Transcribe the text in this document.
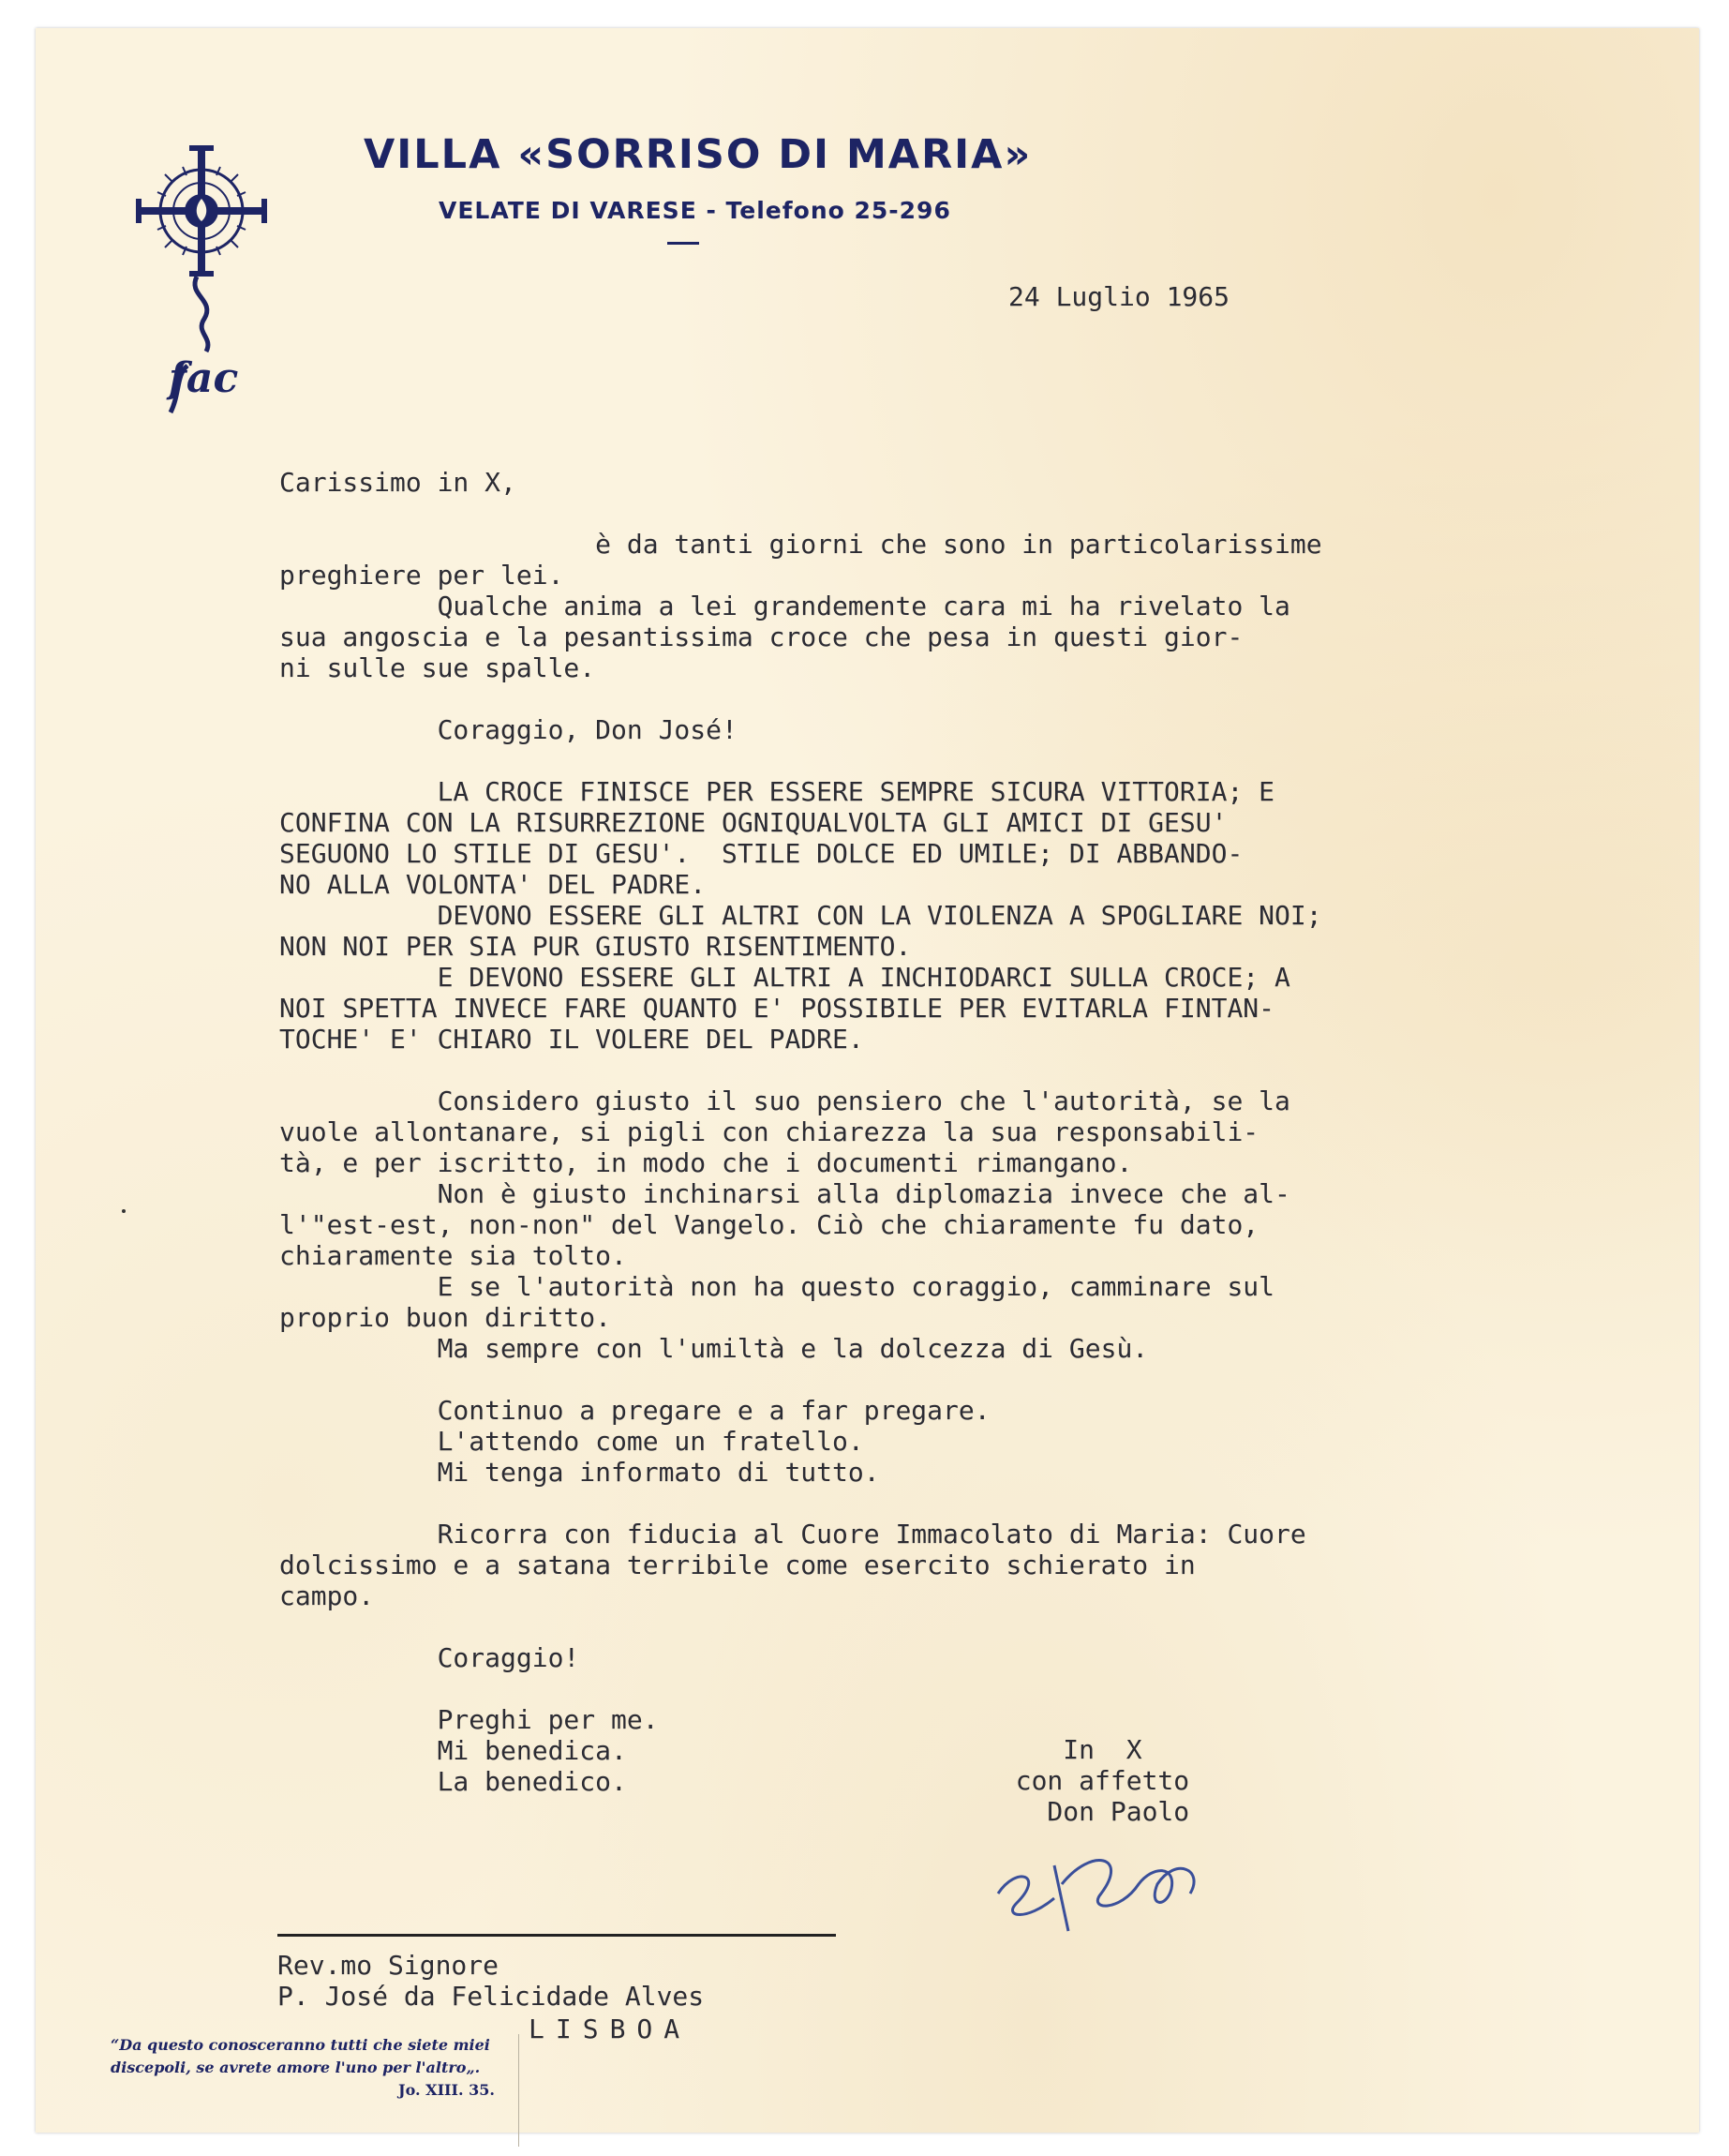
fac
VILLA «SORRISO DI MARIA»
VELATE DI VARESE - Telefono 25-296
24 Luglio 1965
Carissimo in X,

è da tanti giorni che sono in particolarissime
preghiere per lei.
Qualche anima a lei grandemente cara mi ha rivelato la
sua angoscia e la pesantissima croce che pesa in questi gior-
ni sulle sue spalle.

Coraggio, Don José!

LA CROCE FINISCE PER ESSERE SEMPRE SICURA VITTORIA; E
CONFINA CON LA RISURREZIONE OGNIQUALVOLTA GLI AMICI DI GESU'
SEGUONO LO STILE DI GESU'.  STILE DOLCE ED UMILE; DI ABBANDO-
NO ALLA VOLONTA' DEL PADRE.
DEVONO ESSERE GLI ALTRI CON LA VIOLENZA A SPOGLIARE NOI;
NON NOI PER SIA PUR GIUSTO RISENTIMENTO.
E DEVONO ESSERE GLI ALTRI A INCHIODARCI SULLA CROCE; A
NOI SPETTA INVECE FARE QUANTO E' POSSIBILE PER EVITARLA FINTAN-
TOCHE' E' CHIARO IL VOLERE DEL PADRE.

Considero giusto il suo pensiero che l'autorità, se la
vuole allontanare, si pigli con chiarezza la sua responsabili-
tà, e per iscritto, in modo che i documenti rimangano.
Non è giusto inchinarsi alla diplomazia invece che al-
l'"est-est, non-non" del Vangelo. Ciò che chiaramente fu dato,
chiaramente sia tolto.
E se l'autorità non ha questo coraggio, camminare sul
proprio buon diritto.
Ma sempre con l'umiltà e la dolcezza di Gesù.

Continuo a pregare e a far pregare.
L'attendo come un fratello.
Mi tenga informato di tutto.

Ricorra con fiducia al Cuore Immacolato di Maria: Cuore
dolcissimo e a satana terribile come esercito schierato in
campo.

Coraggio!

Preghi per me.
Mi benedica.
La benedico.
In  X
con affetto
Don Paolo
Rev.mo Signore
P. José da Felicidade Alves
LISBOA
“Da questo conosceranno tutti che siete miei discepoli, se avrete amore l'uno per l'altro„.
Jo. XIII. 35.
